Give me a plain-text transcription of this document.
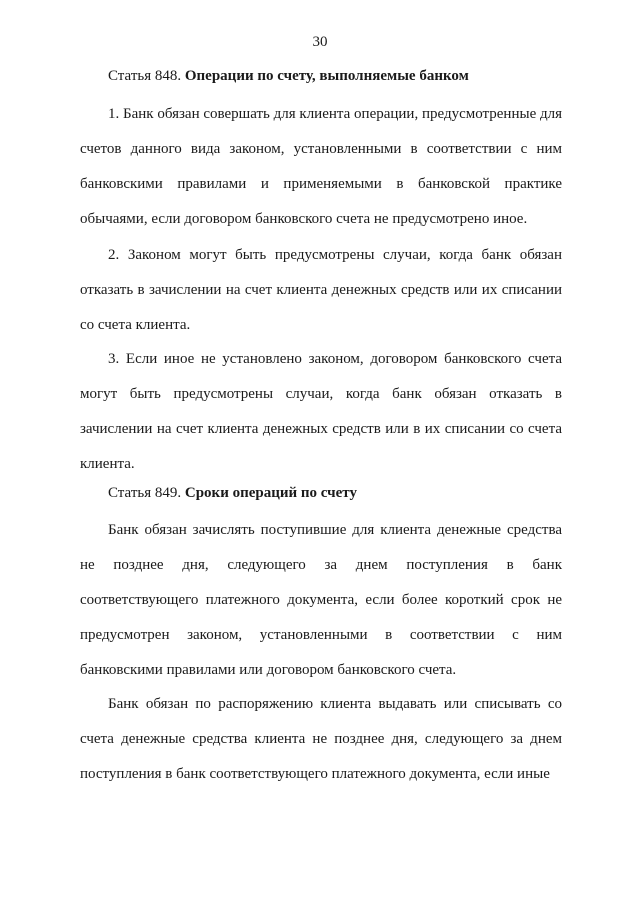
30
Статья 848. Операции по счету, выполняемые банком

1. Банк обязан совершать для клиента операции, предусмотренные для счетов данного вида законом, установленными в соответствии с ним банковскими правилами и применяемыми в банковской практике обычаями, если договором банковского счета не предусмотрено иное.

2. Законом могут быть предусмотрены случаи, когда банк обязан отказать в зачислении на счет клиента денежных средств или их списании со счета клиента.

3. Если иное не установлено законом, договором банковского счета могут быть предусмотрены случаи, когда банк обязан отказать в зачислении на счет клиента денежных средств или в их списании со счета клиента.

Статья 849. Сроки операций по счету

Банк обязан зачислять поступившие для клиента денежные средства не позднее дня, следующего за днем поступления в банк соответствующего платежного документа, если более короткий срок не предусмотрен законом, установленными в соответствии с ним банковскими правилами или договором банковского счета.

Банк обязан по распоряжению клиента выдавать или списывать со счета денежные средства клиента не позднее дня, следующего за днем поступления в банк соответствующего платежного документа, если иные
